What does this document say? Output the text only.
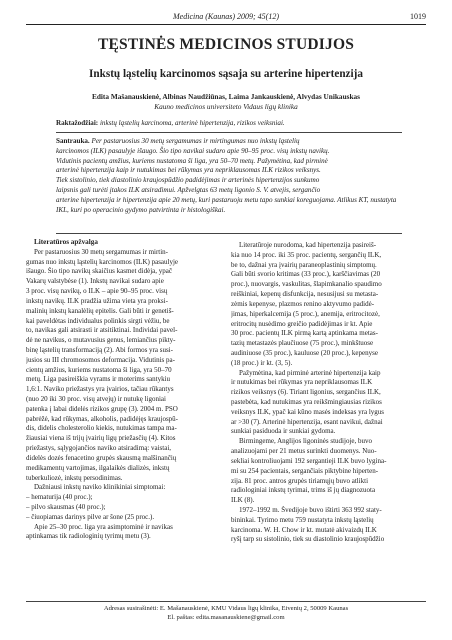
Medicina (Kaunas) 2009; 45(12)	1019
TĘSTINĖS MEDICINOS STUDIJOS
Inkstų ląstelių karcinomos sąsaja su arterine hipertenzija
Edita Mašanauskienė, Albinas Naudžiūnas, Laima Jankauskienė, Alvydas Unikauskas
Kauno medicinos universiteto Vidaus ligų klinika
Raktažodžiai: inkstų ląstelių karcinoma, arterinė hipertenzija, rizikos veiksniai.
Santrauka. Per pastaruosius 30 metų sergamumas ir mirtingumas nuo inkstų ląstelių
karcinomos (ILK) pasaulyje išaugo. Šio tipo navikai sudaro apie 90–95 proc. visų inkstų navikų.
Vidutinis pacientų amžius, kuriems nustatoma ši liga, yra 50–70 metų. Pažymėtina, kad pirminė
arterinė hipertenzija kaip ir nutukimas bei rūkymas yra nepriklausomas ILK rizikos veiksnys.
Tiek sistolinio, tiek diastolinio kraujospūdžio padidėjimas ir arterinės hipertenzijos sunkumo
laipsnis gali turėti įtakos ILK atsiradimui. Apžvelgtas 63 metų ligonio S. V. atvejis, sergančio
arterine hipertenzija ir hipertenzija apie 20 metų, kuri pastaruoju metu tapo sunkiai koreguojama. Atlikus KT, nustatyta
IKL, kuri po operacinio gydymo patvirtinta ir histologiškai.
Literatūros apžvalga
Per pastaruosius 30 metų sergamumas ir mirtin-
gumas nuo inkstų ląstelių karcinomos (ILK) pasaulyje
išaugo. Šio tipo navikų skaičius kasmet didėja, ypač
Vakarų valstybėse (1). Inkstų navikai sudaro apie
3 proc. visų navikų, o ILK – apie 90–95 proc. visų
inkstų navikų. ILK pradžia užima vieta yra proksi-
malinių inkstų kanalėlių epitelis. Gali būti ir genetiš-
kai paveldėtas individualus polinkis sirgti vėžiu, be
to, navikas gali atsirasti ir atsitiktinai. Individai pavel-
dė ne navikus, o mutavusius genus, lemiančius pikty-
binę ląstelių transformaciją (2). Abi formos yra susi-
jusios su III chromosomos deformacija. Vidutinis pa-
cientų amžius, kuriems nustatoma ši liga, yra 50–70
metų. Liga pasireiškia vyrams ir moterims santykiu
1,6:1. Naviko priežastys yra įvairios, tačiau rūkantys
(nuo 20 iki 30 proc. visų atvejų) ir nutukę ligoniai
patenka į labai didelės rizikos grupę (3). 2004 m. PSO
pabrėžė, kad rūkymas, alkoholis, padidėjęs kraujospū-
dis, didelis cholesterolio kiekis, nutukimas tampa ma-
žiausiai viena iš trijų įvairių ligų priežasčių (4). Kitos
priežastys, sąlygojančios naviko atsiradimą: vaistai,
didelės dozės fenacetino grupės skausmą malšinančių
medikamentų vartojimas, ilgalaikės dializės, inkstų
tuberkuliozė, inkstų persodinimas.
Dažniausi inkstų naviko klinikiniai simptomai:
– hematurija (40 proc.);
– pilvo skausmas (40 proc.);
– čiuopiamas darinys pilve ar šone (25 proc.).
Apie 25–30 proc. liga yra asimptominė ir navikas
aptinkamas tik radiologinių tyrimų metu (3).
Literatūroje nurodoma, kad hipertenzija pasireiš-
kia nuo 14 proc. iki 35 proc. pacientų, sergančių ILK,
be to, dažnai yra įvairių paraneoplastinių simptomų.
Gali būti svorio kritimas (33 proc.), karščiavimas (20
proc.), nuovargis, vaskulitas, šlapimkanalio spaudimo
reiškiniai, kepenų disfunkcija, nesusijusi su metasta-
zėmis kepenyse, plazmos renino aktyvumo padidė-
jimas, hiperkalcemija (5 proc.), anemija, eritrocitozė,
eritrocitų nusėdimo greičio padidėjimas ir kt. Apie
30 proc. pacientų ILK pirmą kartą aptinkama metas-
tazių metastazės plaučiuose (75 proc.), minkštuose
audiniuose (35 proc.), kauluose (20 proc.), kepenyse
(18 proc.) ir kt. (3, 5).
Pažymėtina, kad pirminė arterinė hipertenzija kaip
ir nutukimas bei rūkymas yra nepriklausomas ILK
rizikos veiksnys (6). Tiriant ligonius, sergančius ILK,
pastebėta, kad nutukimas yra reikšmingiausias rizikos
veiksnys ILK, ypač kai kūno masės indeksas yra lygus
ar >30 (7). Arterinė hipertenzija, esant navikui, dažnai
sunkiai pasiduoda ir sunkiai gydoma.
Birmingeme, Anglijos ligoninės studijoje, buvo
analizuojami per 21 metus surinkti duomenys. Nuo-
sekliai kontroliuojami 192 sergantieji ILK buvo lygina-
mi su 254 pacientais, sergančiais piktybine hiperten-
zija. 81 proc. antros grupės tiriamųjų buvo atlikti
radiologiniai inkstų tyrimai, trims iš jų diagnozuota
ILK (8).
1972–1992 m. Švedijoje buvo ištirti 363 992 staty-
bininkai. Tyrimo metu 759 nustatyta inkstų ląstelių
karcinoma. W. H. Chow ir kt. mutatė akivaizdų ILK
ryšį tarp su sistolinio, tiek su diastolinio kraujospūdžio
Adresas susirašinėti: E. Mašanauskienė, KMU Vidaus ligų klinika, Eivenių 2, 50009 Kaunas
El. paštas: edita.masanauskiene@gmail.com
